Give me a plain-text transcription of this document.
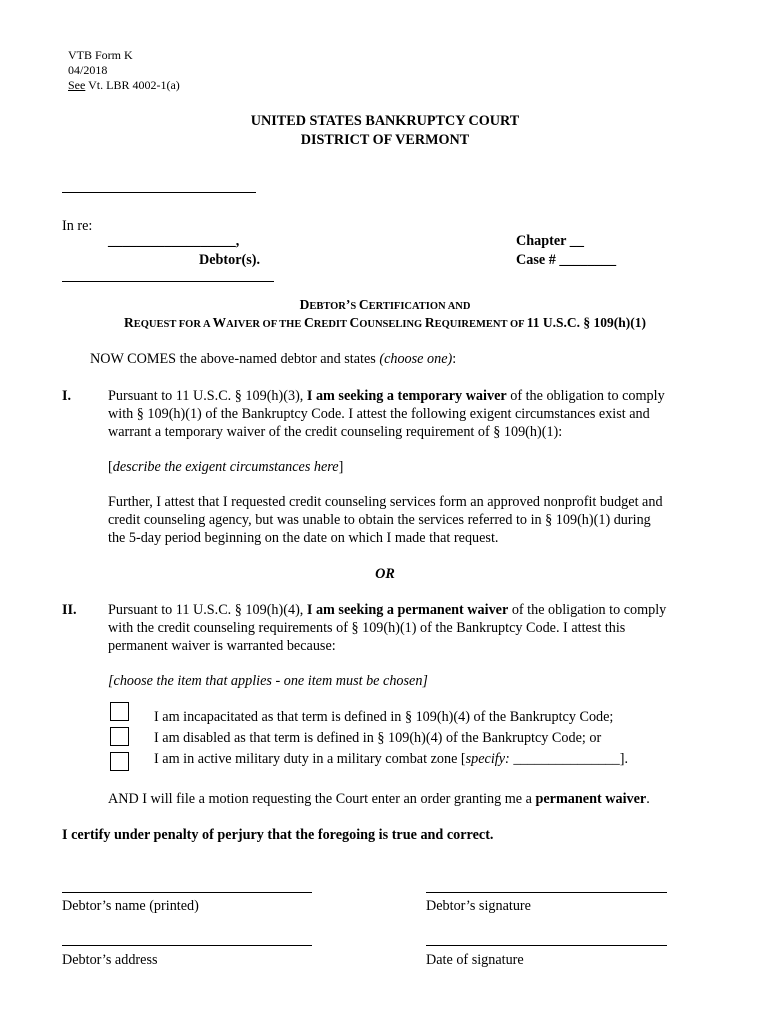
VTB Form K
04/2018
See Vt. LBR 4002-1(a)
UNITED STATES BANKRUPTCY COURT
DISTRICT OF VERMONT
In re:
__________________,
Debtor(s).
Chapter __
Case # ________
DEBTOR’S CERTIFICATION AND
REQUEST FOR A WAIVER OF THE CREDIT COUNSELING REQUIREMENT OF 11 U.S.C. § 109(h)(1)
NOW COMES the above-named debtor and states (choose one):
I.	Pursuant to 11 U.S.C. § 109(h)(3), I am seeking a temporary waiver of the obligation to comply
with § 109(h)(1) of the Bankruptcy Code. I attest the following exigent circumstances exist and
warrant a temporary waiver of the credit counseling requirement of § 109(h)(1):
[describe the exigent circumstances here]
Further, I attest that I requested credit counseling services form an approved nonprofit budget and
credit counseling agency, but was unable to obtain the services referred to in § 109(h)(1) during
the 5-day period beginning on the date on which I made that request.
OR
II. Pursuant to 11 U.S.C. § 109(h)(4), I am seeking a permanent waiver of the obligation to comply
with the credit counseling requirements of § 109(h)(1) of the Bankruptcy Code. I attest this
permanent waiver is warranted because:
[choose the item that applies - one item must be chosen]
I am incapacitated as that term is defined in § 109(h)(4) of the Bankruptcy Code;
I am disabled as that term is defined in § 109(h)(4) of the Bankruptcy Code; or
I am in active military duty in a military combat zone [specify: _______________].
AND I will file a motion requesting the Court enter an order granting me a permanent waiver.
I certify under penalty of perjury that the foregoing is true and correct.
Debtor’s name (printed)	Debtor’s signature
Debtor’s address	Date of signature
